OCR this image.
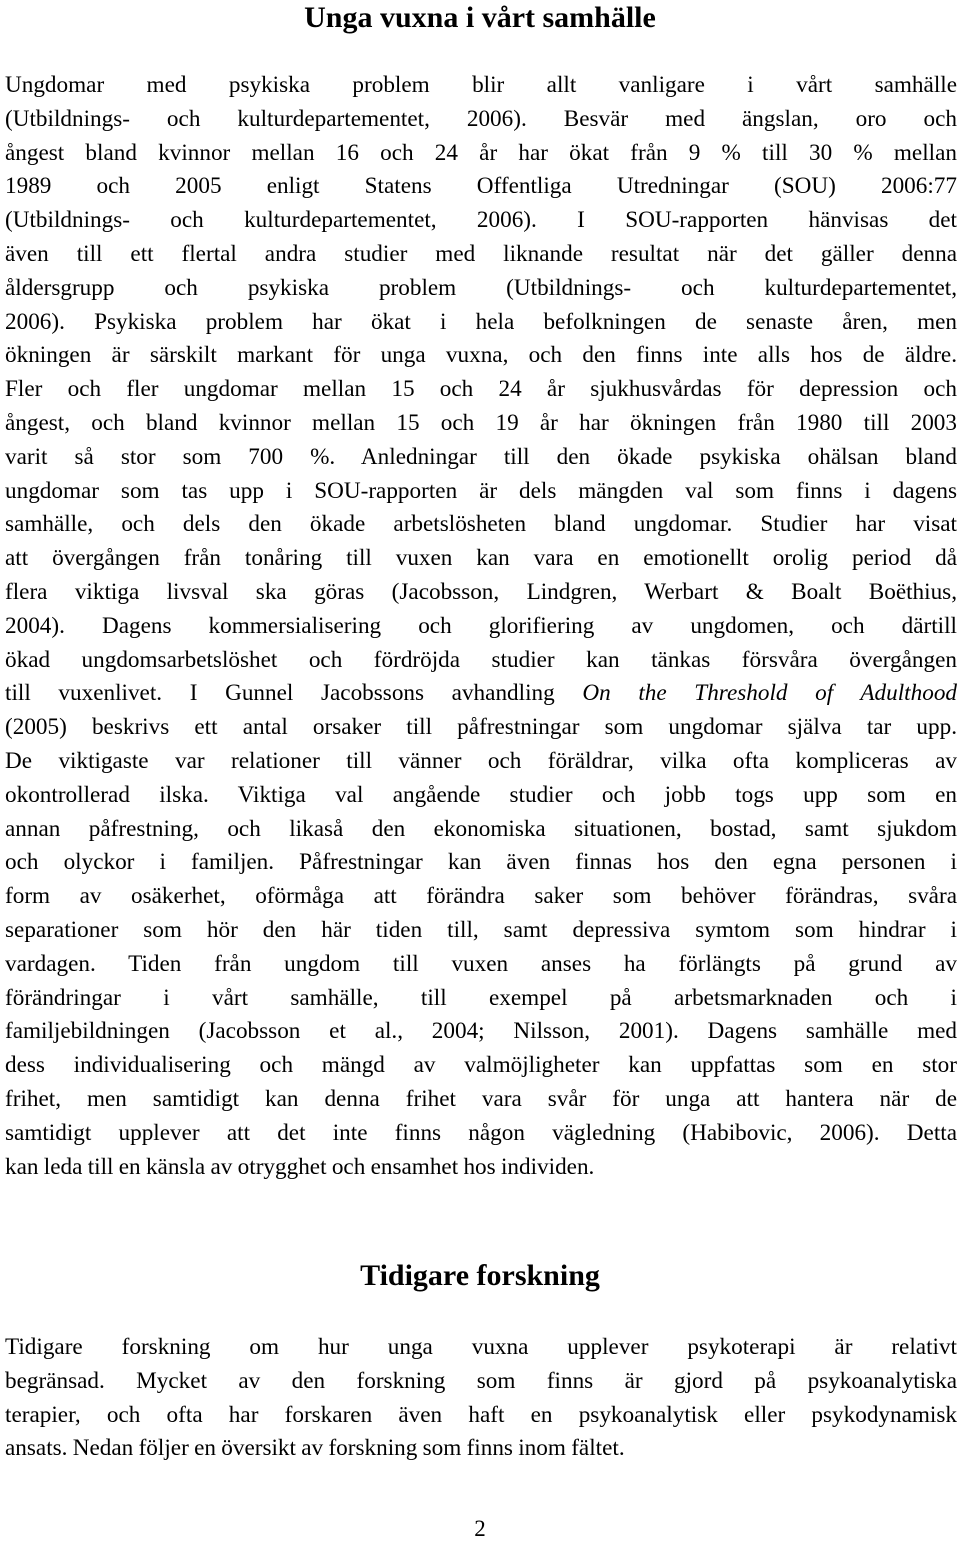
Unga vuxna i vårt samhälle
Ungdomar med psykiska problem blir allt vanligare i vårt samhälle
(Utbildnings- och kulturdepartementet, 2006). Besvär med ängslan, oro och
ångest bland kvinnor mellan 16 och 24 år har ökat från 9 % till 30 % mellan
1989 och 2005 enligt Statens Offentliga Utredningar (SOU) 2006:77
(Utbildnings- och kulturdepartementet, 2006). I SOU-rapporten hänvisas det
även till ett flertal andra studier med liknande resultat när det gäller denna
åldersgrupp och psykiska problem (Utbildnings- och kulturdepartementet,
2006). Psykiska problem har ökat i hela befolkningen de senaste åren, men
ökningen är särskilt markant för unga vuxna, och den finns inte alls hos de äldre.
Fler och fler ungdomar mellan 15 och 24 år sjukhusvårdas för depression och
ångest, och bland kvinnor mellan 15 och 19 år har ökningen från 1980 till 2003
varit så stor som 700 %. Anledningar till den ökade psykiska ohälsan bland
ungdomar som tas upp i SOU-rapporten är dels mängden val som finns i dagens
samhälle, och dels den ökade arbetslösheten bland ungdomar. Studier har visat
att övergången från tonåring till vuxen kan vara en emotionellt orolig period då
flera viktiga livsval ska göras (Jacobsson, Lindgren, Werbart & Boalt Boëthius,
2004). Dagens kommersialisering och glorifiering av ungdomen, och därtill
ökad ungdomsarbetslöshet och fördröjda studier kan tänkas försvåra övergången
till vuxenlivet. I Gunnel Jacobssons avhandling On the Threshold of Adulthood
(2005) beskrivs ett antal orsaker till påfrestningar som ungdomar själva tar upp.
De viktigaste var relationer till vänner och föräldrar, vilka ofta kompliceras av
okontrollerad ilska. Viktiga val angående studier och jobb togs upp som en
annan påfrestning, och likaså den ekonomiska situationen, bostad, samt sjukdom
och olyckor i familjen. Påfrestningar kan även finnas hos den egna personen i
form av osäkerhet, oförmåga att förändra saker som behöver förändras, svåra
separationer som hör den här tiden till, samt depressiva symtom som hindrar i
vardagen. Tiden från ungdom till vuxen anses ha förlängts på grund av
förändringar i vårt samhälle, till exempel på arbetsmarknaden och i
familjebildningen (Jacobsson et al., 2004; Nilsson, 2001). Dagens samhälle med
dess individualisering och mängd av valmöjligheter kan uppfattas som en stor
frihet, men samtidigt kan denna frihet vara svår för unga att hantera när de
samtidigt upplever att det inte finns någon vägledning (Habibovic, 2006). Detta
kan leda till en känsla av otrygghet och ensamhet hos individen.
Tidigare forskning
Tidigare forskning om hur unga vuxna upplever psykoterapi är relativt
begränsad. Mycket av den forskning som finns är gjord på psykoanalytiska
terapier, och ofta har forskaren även haft en psykoanalytisk eller psykodynamisk
ansats. Nedan följer en översikt av forskning som finns inom fältet.
2
